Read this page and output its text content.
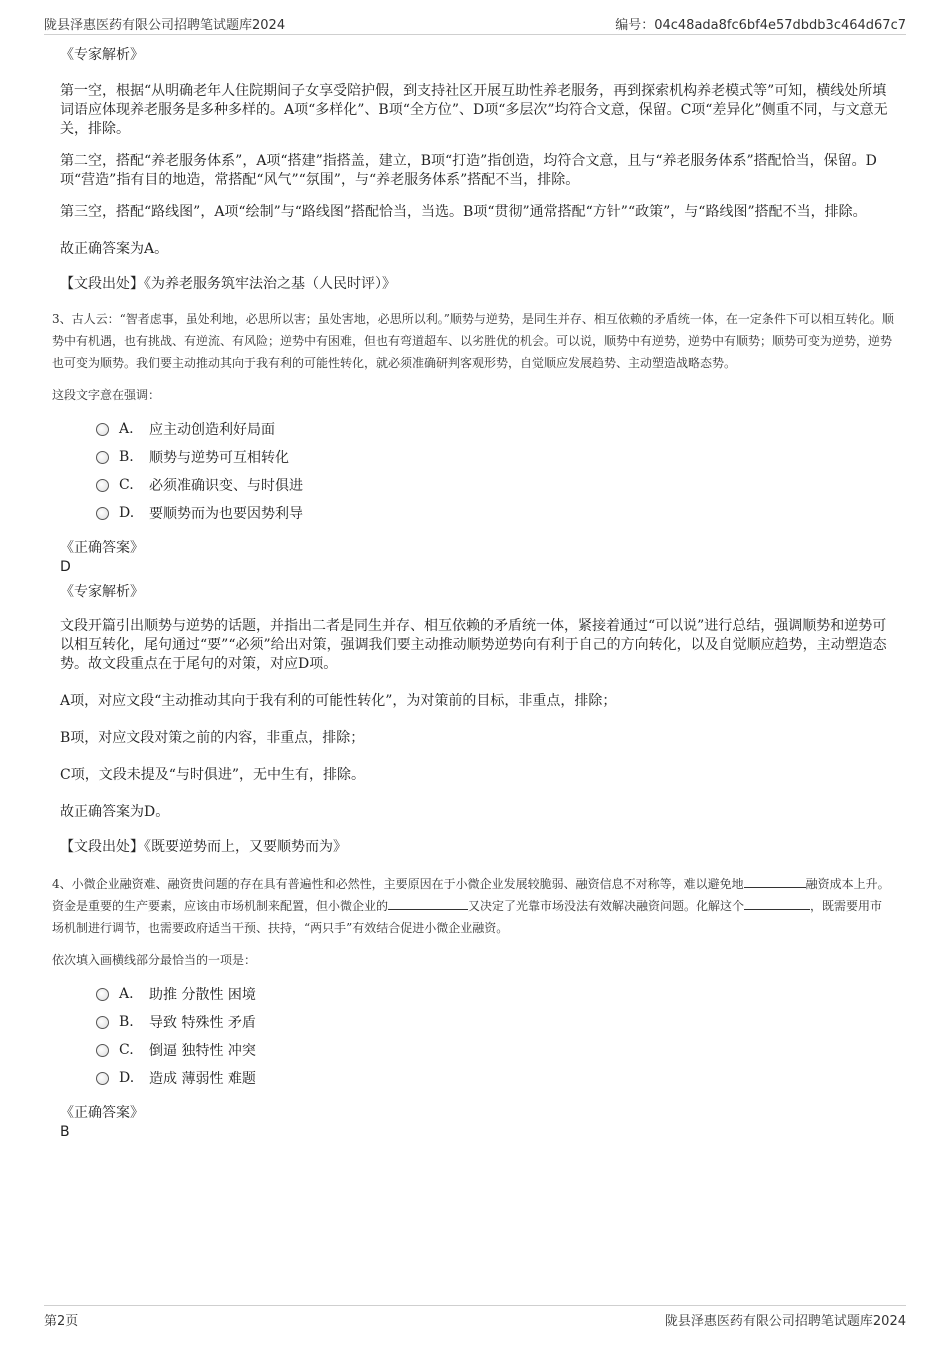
陇县泽惠医药有限公司招聘笔试题库2024	编号：04c48ada8fc6bf4e57dbdb3c464d67c7
《专家解析》

第一空，根据“从明确老年人住院期间子女享受陪护假，到支持社区开展互助性养老服务，再到探索机构养老模式等”可知，横线处所填词语应体现养老服务是多种多样的。A项“多样化”、B项“全方位”、D项“多层次”均符合文意，保留。C项“差异化”侧重不同，与文意无关，排除。

第二空，搭配“养老服务体系”，A项“搭建”指搭盖，建立，B项“打造”指创造，均符合文意，且与“养老服务体系”搭配恰当，保留。D项“营造”指有目的地造，常搭配“风气”“氛围”，与“养老服务体系”搭配不当，排除。

第三空，搭配“路线图”，A项“绘制”与“路线图”搭配恰当，当选。B项“贯彻”通常搭配“方针”“政策”，与“路线图”搭配不当，排除。

故正确答案为A。

【文段出处】《为养老服务筑牢法治之基（人民时评）》

3、古人云：“智者虑事，虽处利地，必思所以害；虽处害地，必思所以利。”顺势与逆势，是同生并存、相互依赖的矛盾统一体，在一定条件下可以相互转化。顺势中有机遇，也有挑战、有逆流、有风险；逆势中有困难，但也有弯道超车、以劣胜优的机会。可以说，顺势中有逆势，逆势中有顺势；顺势可变为逆势，逆势也可变为顺势。我们要主动推动其向于我有利的可能性转化，就必须准确研判客观形势，自觉顺应发展趋势、主动塑造战略态势。

这段文字意在强调：
A.	应主动创造利好局面
B.	顺势与逆势可互相转化
C.	必须准确识变、与时俱进
D.	要顺势而为也要因势利导
《正确答案》
D
《专家解析》

文段开篇引出顺势与逆势的话题，并指出二者是同生并存、相互依赖的矛盾统一体，紧接着通过“可以说”进行总结，强调顺势和逆势可以相互转化，尾句通过“要”“必须”给出对策，强调我们要主动推动顺势逆势向有利于自己的方向转化，以及自觉顺应趋势，主动塑造态势。故文段重点在于尾句的对策，对应D项。

A项，对应文段“主动推动其向于我有利的可能性转化”，为对策前的目标，非重点，排除；

B项，对应文段对策之前的内容，非重点，排除；

C项，文段未提及“与时俱进”，无中生有，排除。

故正确答案为D。

【文段出处】《既要逆势而上，又要顺势而为》

4、小微企业融资难、融资贵问题的存在具有普遍性和必然性，主要原因在于小微企业发展较脆弱、融资信息不对称等，难以避免地	融资成本上升。资金是重要的生产要素，应该由市场机制来配置，但小微企业的	又决定了光靠市场没法有效解决融资问题。化解这个	，既需要用市场机制进行调节，也需要政府适当干预、扶持，“两只手”有效结合促进小微企业融资。

依次填入画横线部分最恰当的一项是：
A.	助推 分散性 困境
B.	导致 特殊性 矛盾
C.	倒逼 独特性 冲突
D.	造成 薄弱性 难题
《正确答案》
B
第2页	陇县泽惠医药有限公司招聘笔试题库2024
